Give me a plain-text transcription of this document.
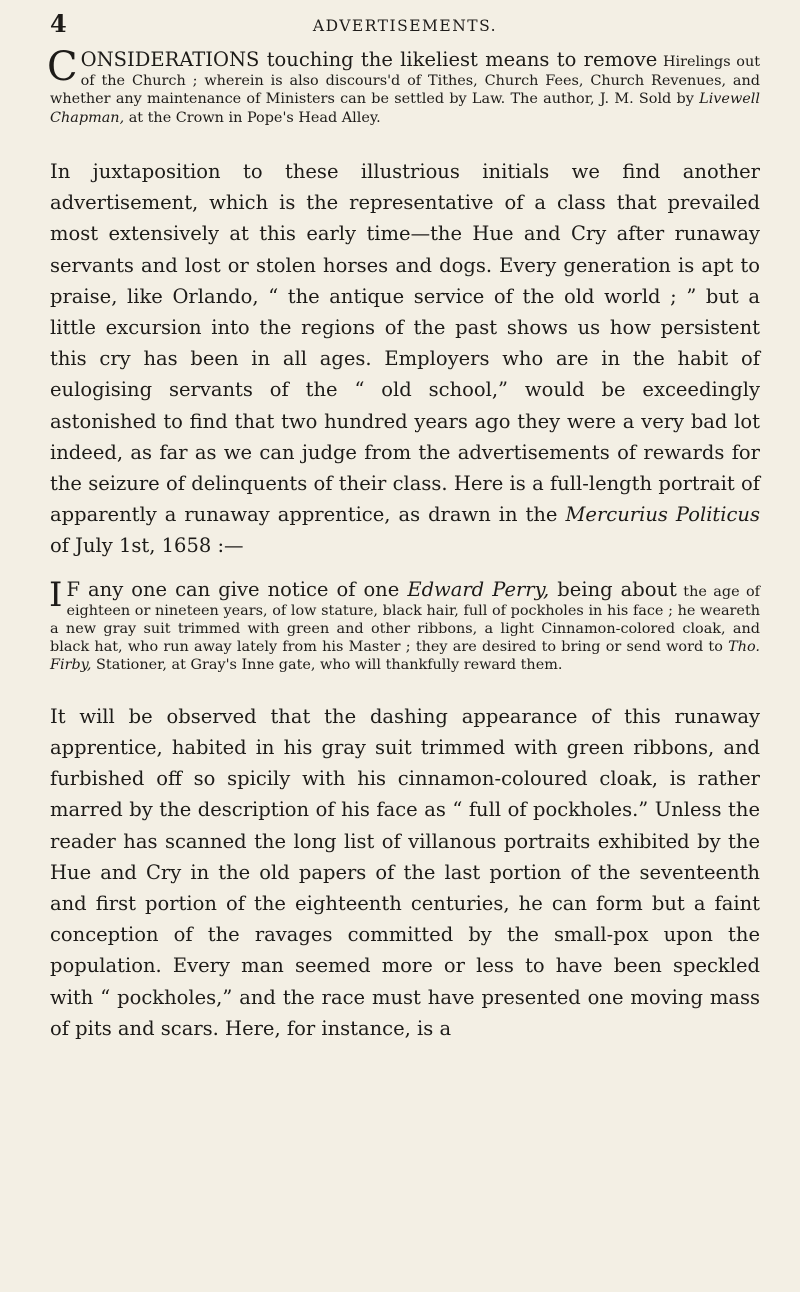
4	ADVERTISEMENTS.
C ONSIDERATIONS touching the likeliest means to remove Hirelings out of the Church ; wherein is also discours'd of Tithes, Church Fees, Church Revenues, and whether any maintenance of Ministers can be settled by Law. The author, J. M. Sold by Livewell Chapman, at the Crown in Pope's Head Alley.

In juxtaposition to these illustrious initials we find another advertisement, which is the representative of a class that prevailed most extensively at this early time—the Hue and Cry after runaway servants and lost or stolen horses and dogs. Every generation is apt to praise, like Orlando, “ the antique service of the old world ; ” but a little excursion into the regions of the past shows us how persistent this cry has been in all ages. Employers who are in the habit of eulogising servants of the “ old school,” would be exceedingly astonished to find that two hundred years ago they were a very bad lot indeed, as far as we can judge from the advertisements of rewards for the seizure of delinquents of their class. Here is a full-length portrait of apparently a runaway apprentice, as drawn in the Mercurius Politicus of July 1st, 1658 :—

I F any one can give notice of one Edward Perry, being about the age of eighteen or nineteen years, of low stature, black hair, full of pockholes in his face ; he weareth a new gray suit trimmed with green and other ribbons, a light Cinnamon-colored cloak, and black hat, who run away lately from his Master ; they are desired to bring or send word to Tho. Firby, Stationer, at Gray's Inne gate, who will thankfully reward them.

It will be observed that the dashing appearance of this runaway apprentice, habited in his gray suit trimmed with green ribbons, and furbished off so spicily with his cinnamon-coloured cloak, is rather marred by the description of his face as “ full of pockholes.” Unless the reader has scanned the long list of villanous portraits exhibited by the Hue and Cry in the old papers of the last portion of the seventeenth and first portion of the eighteenth centuries, he can form but a faint conception of the ravages committed by the small-pox upon the population. Every man seemed more or less to have been speckled with “ pockholes,” and the race must have presented one moving mass of pits and scars. Here, for instance, is a
